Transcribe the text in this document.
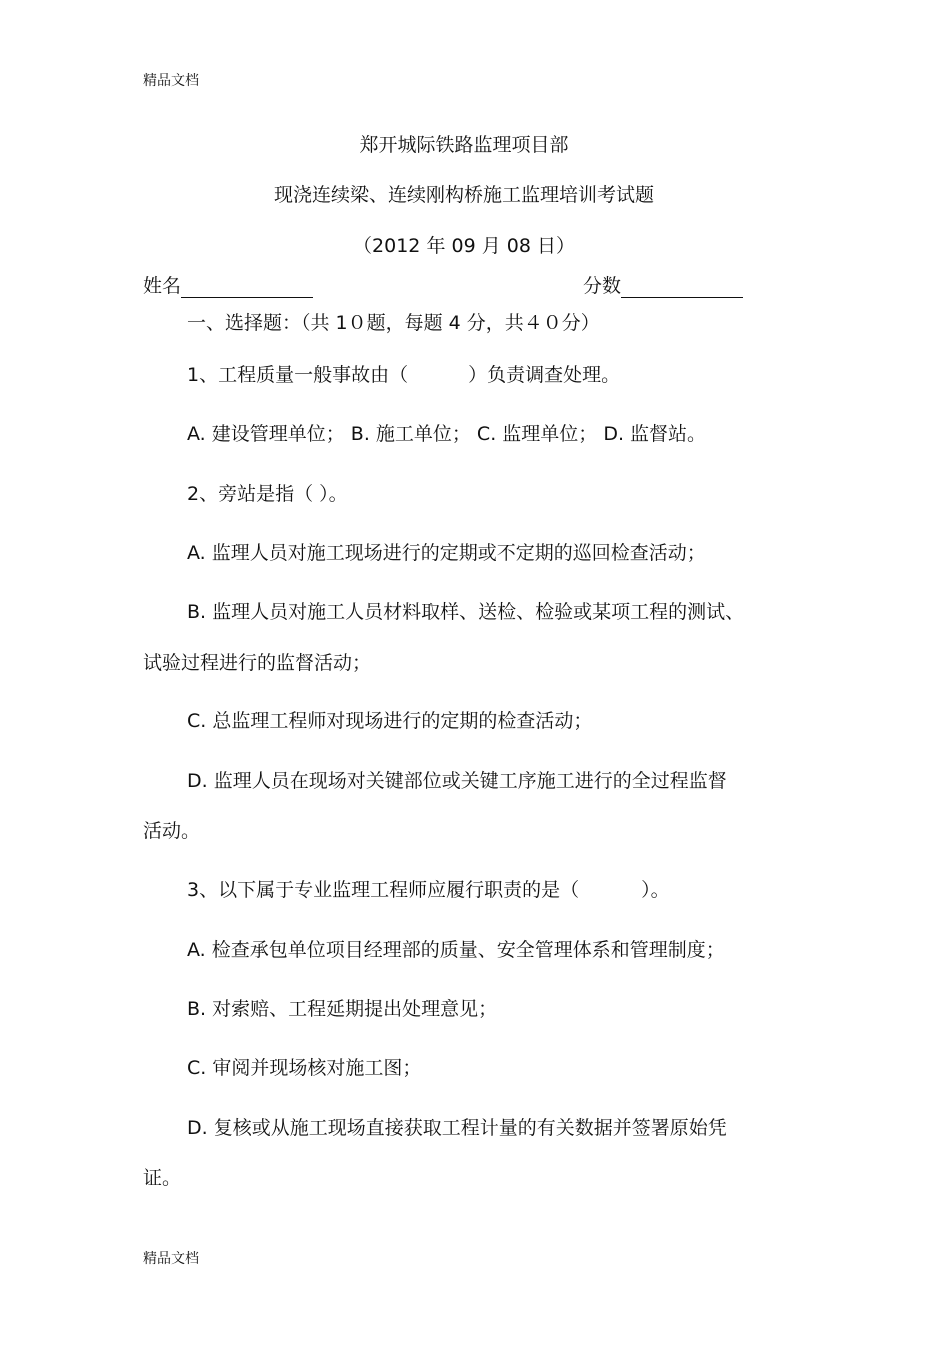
精品文档
郑开城际铁路监理项目部
现浇连续梁、连续刚构桥施工监理培训考试题
（2012 年 09 月 08 日）
姓名	分数
一、选择题：（共 1０题，每题 4 分，共４０分）
1、工程质量一般事故由（	）负责调查处理。
A. 建设管理单位； B. 施工单位； C. 监理单位； D. 监督站。
2、旁站是指（ ）。
A. 监理人员对施工现场进行的定期或不定期的巡回检查活动；
B. 监理人员对施工人员材料取样、送检、检验或某项工程的测试、
试验过程进行的监督活动；
C. 总监理工程师对现场进行的定期的检查活动；
D. 监理人员在现场对关键部位或关键工序施工进行的全过程监督
活动。
3、以下属于专业监理工程师应履行职责的是（	）。
A. 检查承包单位项目经理部的质量、安全管理体系和管理制度；
B. 对索赔、工程延期提出处理意见；
C. 审阅并现场核对施工图；
D. 复核或从施工现场直接获取工程计量的有关数据并签署原始凭
证。
精品文档
